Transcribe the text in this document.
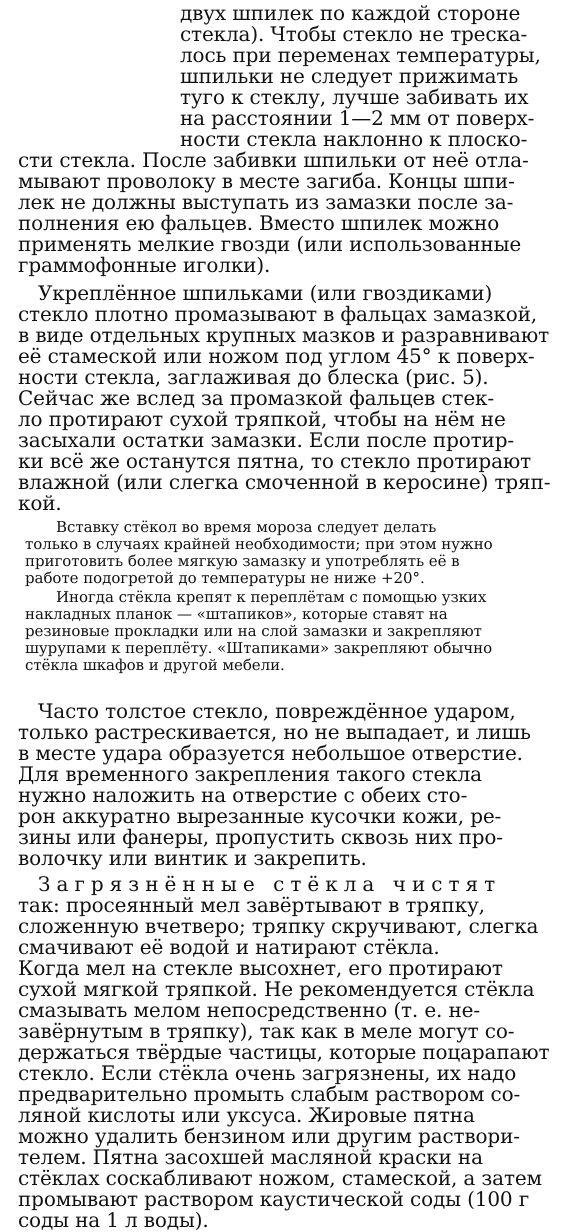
двух шпилек по каждой стороне
стекла). Чтобы стекло не треска-
лось при переменах температуры,
шпильки не следует прижимать
туго к стеклу, лучше забивать их
на расстоянии 1—2 мм от поверх-
ности стекла наклонно к плоско-
сти стекла. После забивки шпильки от неё отла-
мывают проволоку в месте загиба. Концы шпи-
лек не должны выступать из замазки после за-
полнения ею фальцев. Вместо шпилек можно
применять мелкие гвозди (или использованные
граммофонные иголки).
Укреплённое шпильками (или гвоздиками)
стекло плотно промазывают в фальцах замазкой,
в виде отдельных крупных мазков и разравнивают
её стамеской или ножом под углом 45° к поверх-
ности стекла, заглаживая до блеска (рис. 5).
Сейчас же вслед за промазкой фальцев стек-
ло протирают сухой тряпкой, чтобы на нём не
засыхали остатки замазки. Если после протир-
ки всё же останутся пятна, то стекло протирают
влажной (или слегка смоченной в керосине) тряп-
кой.
Вставку стёкол во время мороза следует делать
только в случаях крайней необходимости; при этом нужно
приготовить более мягкую замазку и употреблять её в
работе подогретой до температуры не ниже +20°.
Иногда стёкла крепят к переплётам с помощью узких
накладных планок — «штапиков», которые ставят на
резиновые прокладки или на слой замазки и закрепляют
шурупами к переплёту. «Штапиками» закрепляют обычно
стёкла шкафов и другой мебели.
Часто толстое стекло, повреждённое ударом,
только растрескивается, но не выпадает, и лишь
в месте удара образуется небольшое отверстие.
Для временного закрепления такого стекла
нужно наложить на отверстие с обеих сто-
рон аккуратно вырезанные кусочки кожи, ре-
зины или фанеры, пропустить сквозь них про-
волочку или винтик и закрепить.
Загрязнённые стёкла чистят
так: просеянный мел завёртывают в тряпку,
сложенную вчетверо; тряпку скручивают, слегка
смачивают её водой и натирают стёкла.
Когда мел на стекле высохнет, его протирают
сухой мягкой тряпкой. Не рекомендуется стёкла
смазывать мелом непосредственно (т. е. не-
завёрнутым в тряпку), так как в меле могут со-
держаться твёрдые частицы, которые поцарапают
стекло. Если стёкла очень загрязнены, их надо
предварительно промыть слабым раствором со-
ляной кислоты или уксуса. Жировые пятна
можно удалить бензином или другим раствори-
телем. Пятна засохшей масляной краски на
стёклах соскабливают ножом, стамеской, а затем
промывают раствором каустической соды (100 г
соды на 1 л воды).
